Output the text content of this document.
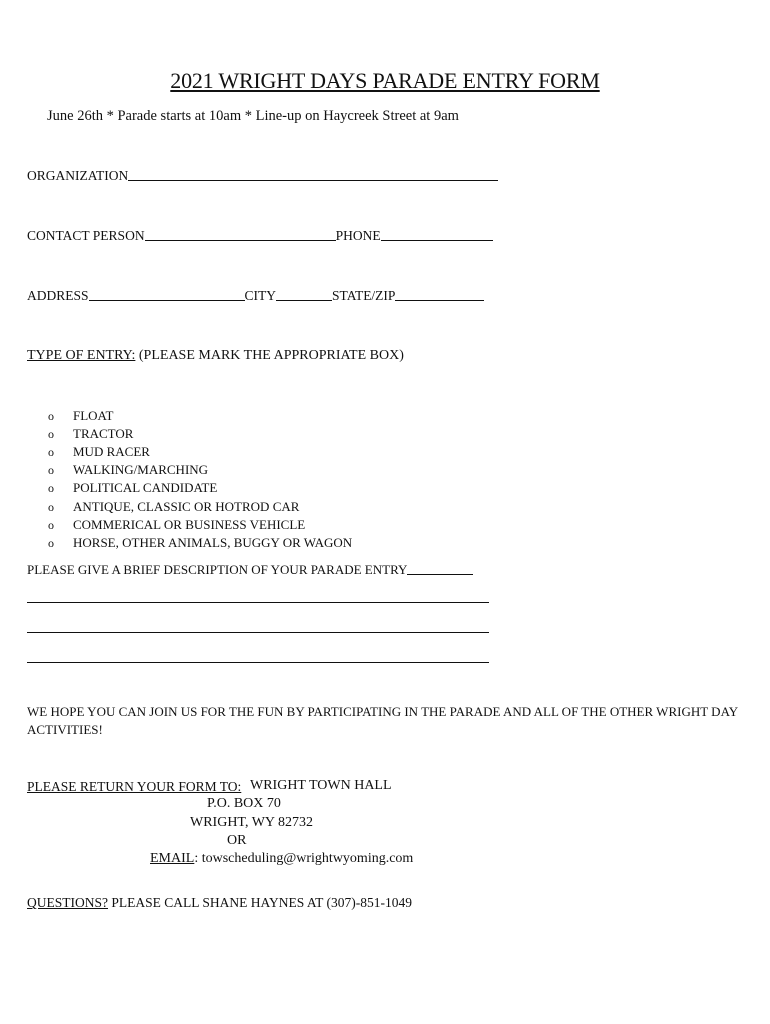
2021 WRIGHT DAYS PARADE ENTRY FORM
June 26th * Parade starts at 10am * Line-up on Haycreek Street at 9am
ORGANIZATION
CONTACT PERSON	PHONE
ADDRESS	CITY	STATE/ZIP
TYPE OF ENTRY: (PLEASE MARK THE APPROPRIATE BOX)
o	FLOAT
o	TRACTOR
o	MUD RACER
o	WALKING/MARCHING
o	POLITICAL CANDIDATE
o	ANTIQUE, CLASSIC OR HOTROD CAR
o	COMMERICAL OR BUSINESS VEHICLE
o	HORSE, OTHER ANIMALS, BUGGY OR WAGON
PLEASE GIVE A BRIEF DESCRIPTION OF YOUR PARADE ENTRY
WE HOPE YOU CAN JOIN US FOR THE FUN BY PARTICIPATING IN THE PARADE AND ALL OF THE OTHER WRIGHT DAY ACTIVITIES!
PLEASE RETURN YOUR FORM TO: WRIGHT TOWN HALL
P.O. BOX 70
WRIGHT, WY 82732
OR
EMAIL: towscheduling@wrightwyoming.com
QUESTIONS? PLEASE CALL SHANE HAYNES AT (307)-851-1049
